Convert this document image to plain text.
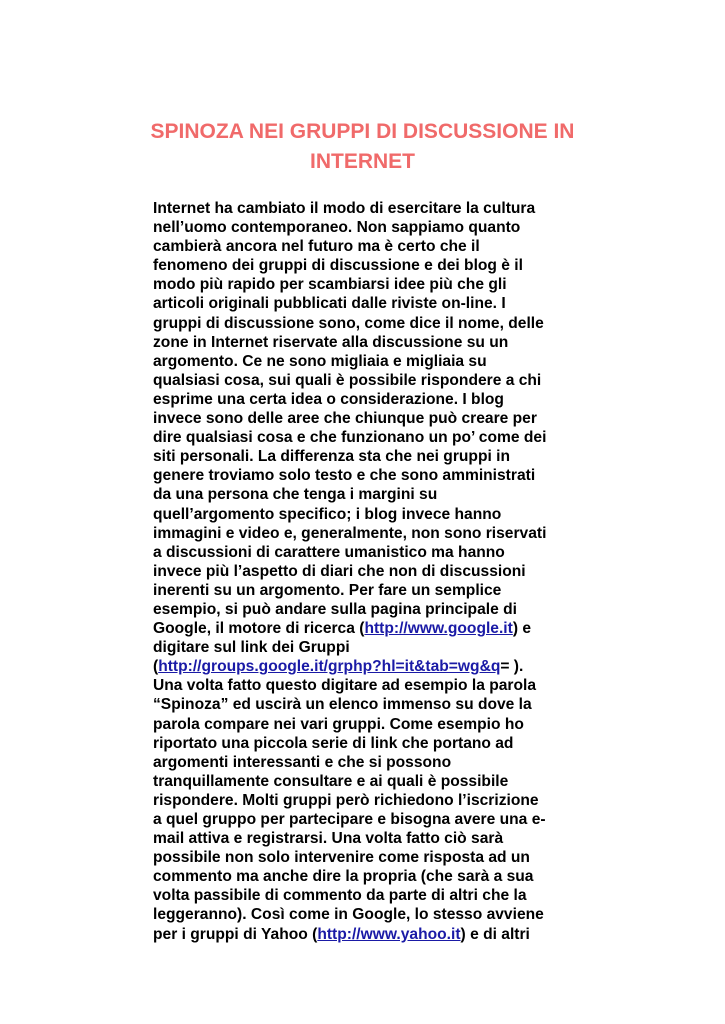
SPINOZA NEI GRUPPI DI DISCUSSIONE IN
INTERNET
Internet ha cambiato il modo di esercitare la cultura
nell’uomo contemporaneo. Non sappiamo quanto
cambierà ancora nel futuro ma è certo che il
fenomeno dei gruppi di discussione e dei blog è il
modo più rapido per scambiarsi idee più che gli
articoli originali pubblicati dalle riviste on-line. I
gruppi di discussione sono, come dice il nome, delle
zone in Internet riservate alla discussione su un
argomento. Ce ne sono migliaia e migliaia su
qualsiasi cosa, sui quali è possibile rispondere a chi
esprime una certa idea o considerazione. I blog
invece sono delle aree che chiunque può creare per
dire qualsiasi cosa e che funzionano un po’ come dei
siti personali. La differenza sta che nei gruppi in
genere troviamo solo testo e che sono amministrati
da una persona che tenga i margini su
quell’argomento specifico; i blog invece hanno
immagini e video e, generalmente, non sono riservati
a discussioni di carattere umanistico ma hanno
invece più l’aspetto di diari che non di discussioni
inerenti su un argomento. Per fare un semplice
esempio, si può andare sulla pagina principale di
Google, il motore di ricerca (http://www.google.it) e
digitare sul link dei Gruppi
(http://groups.google.it/grphp?hl=it&tab=wg&q= ).
Una volta fatto questo digitare ad esempio la parola
“Spinoza” ed uscirà un elenco immenso su dove la
parola compare nei vari gruppi. Come esempio ho
riportato una piccola serie di link che portano ad
argomenti interessanti e che si possono
tranquillamente consultare e ai quali è possibile
rispondere. Molti gruppi però richiedono l’iscrizione
a quel gruppo per partecipare e bisogna avere una e-
mail attiva e registrarsi. Una volta fatto ciò sarà
possibile non solo intervenire come risposta ad un
commento ma anche dire la propria (che sarà a sua
volta passibile di commento da parte di altri che la
leggeranno). Così come in Google, lo stesso avviene
per i gruppi di Yahoo (http://www.yahoo.it) e di altri
